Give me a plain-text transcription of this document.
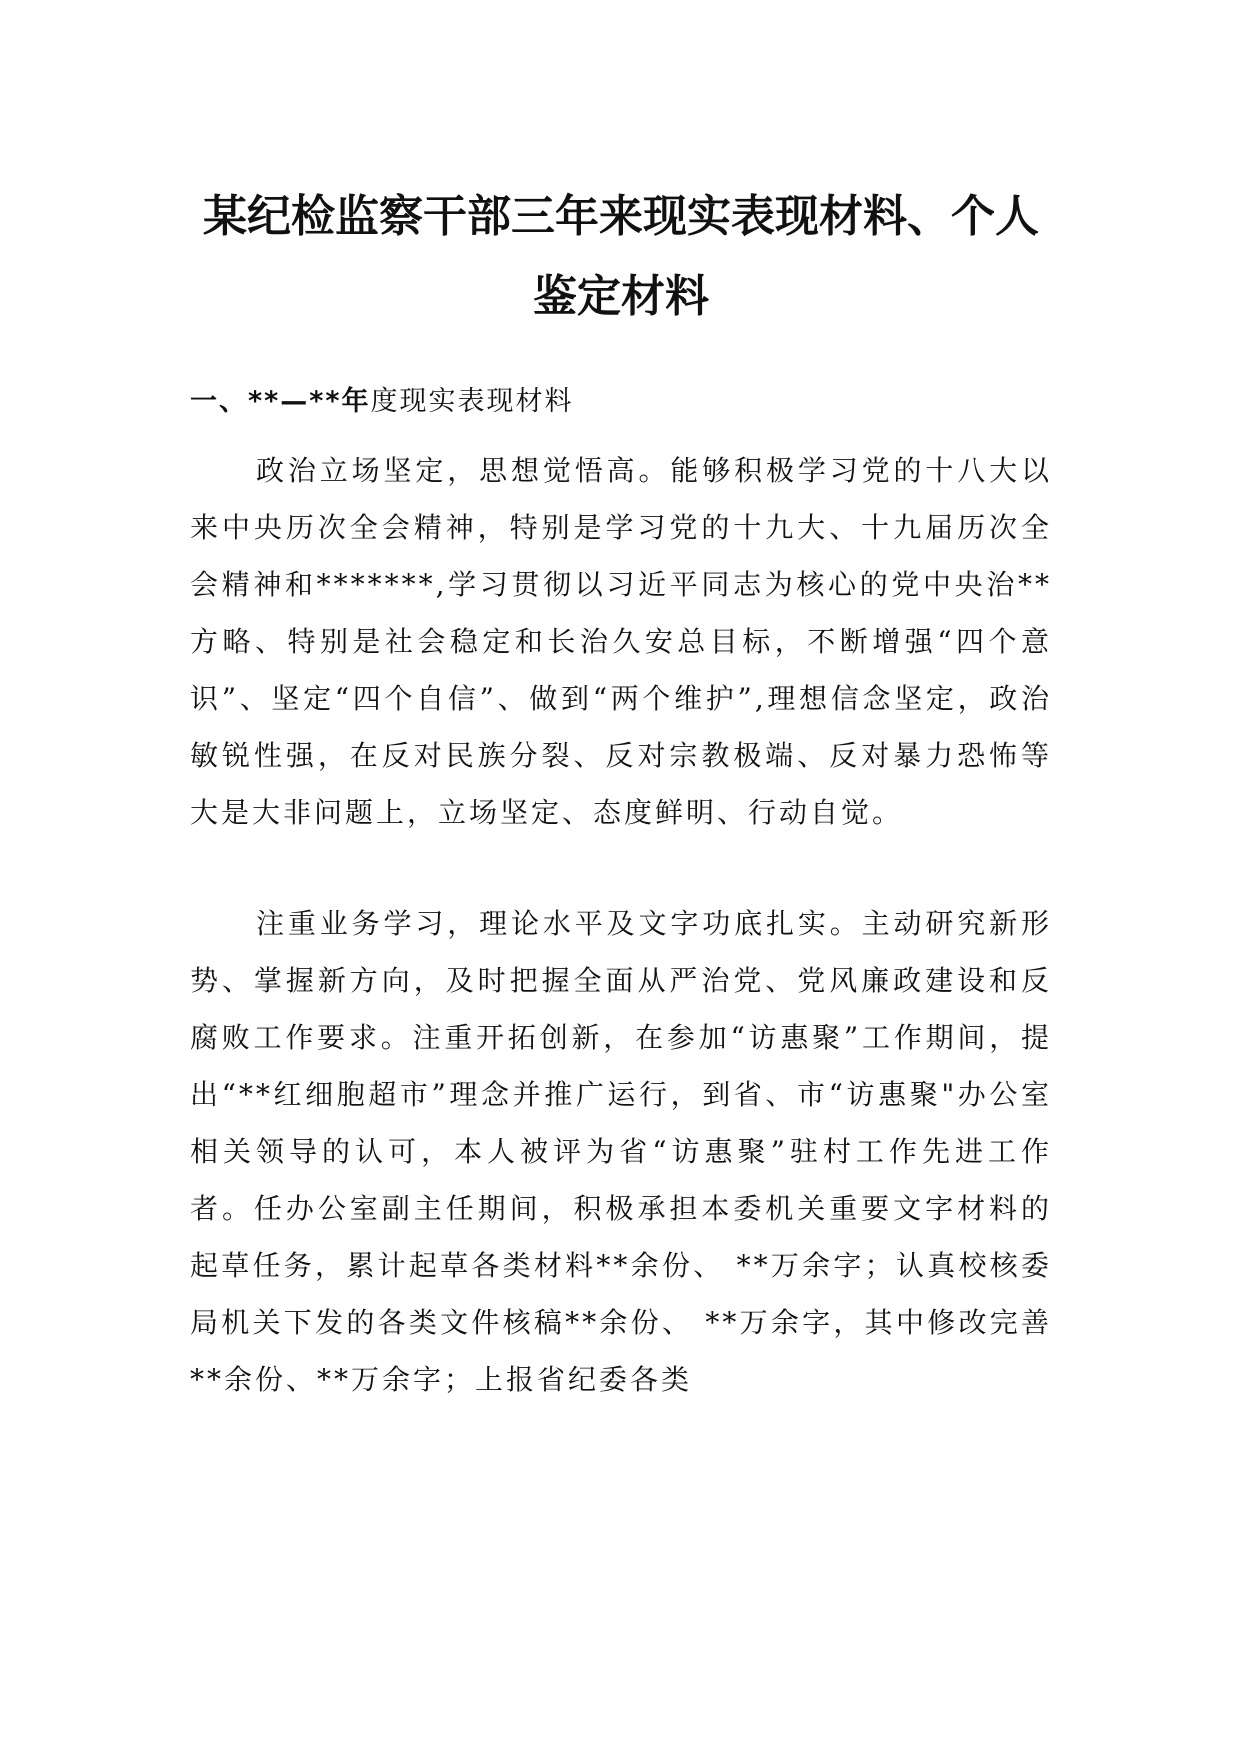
某纪检监察干部三年来现实表现材料、个人
鉴定材料
一、**—**年度现实表现材料

政治立场坚定，思想觉悟高。能够积极学习党的十八大以来中央历次全会精神，特别是学习党的十九大、十九届历次全会精神和*******,学习贯彻以习近平同志为核心的党中央治**方略、特别是社会稳定和长治久安总目标，不断增强“四个意识”、坚定“四个自信”、做到“两个维护”,理想信念坚定，政治敏锐性强，在反对民族分裂、反对宗教极端、反对暴力恐怖等大是大非问题上，立场坚定、态度鲜明、行动自觉。

注重业务学习，理论水平及文字功底扎实。主动研究新形势、掌握新方向，及时把握全面从严治党、党风廉政建设和反腐败工作要求。注重开拓创新，在参加“访惠聚”工作期间，提出“**红细胞超市”理念并推广运行，到省、市“访惠聚"办公室相关领导的认可，本人被评为省“访惠聚”驻村工作先进工作者。任办公室副主任期间，积极承担本委机关重要文字材料的起草任务，累计起草各类材料**余份、 **万余字；认真校核委局机关下发的各类文件核稿**余份、 **万余字，其中修改完善**余份、**万余字；上报省纪委各类
